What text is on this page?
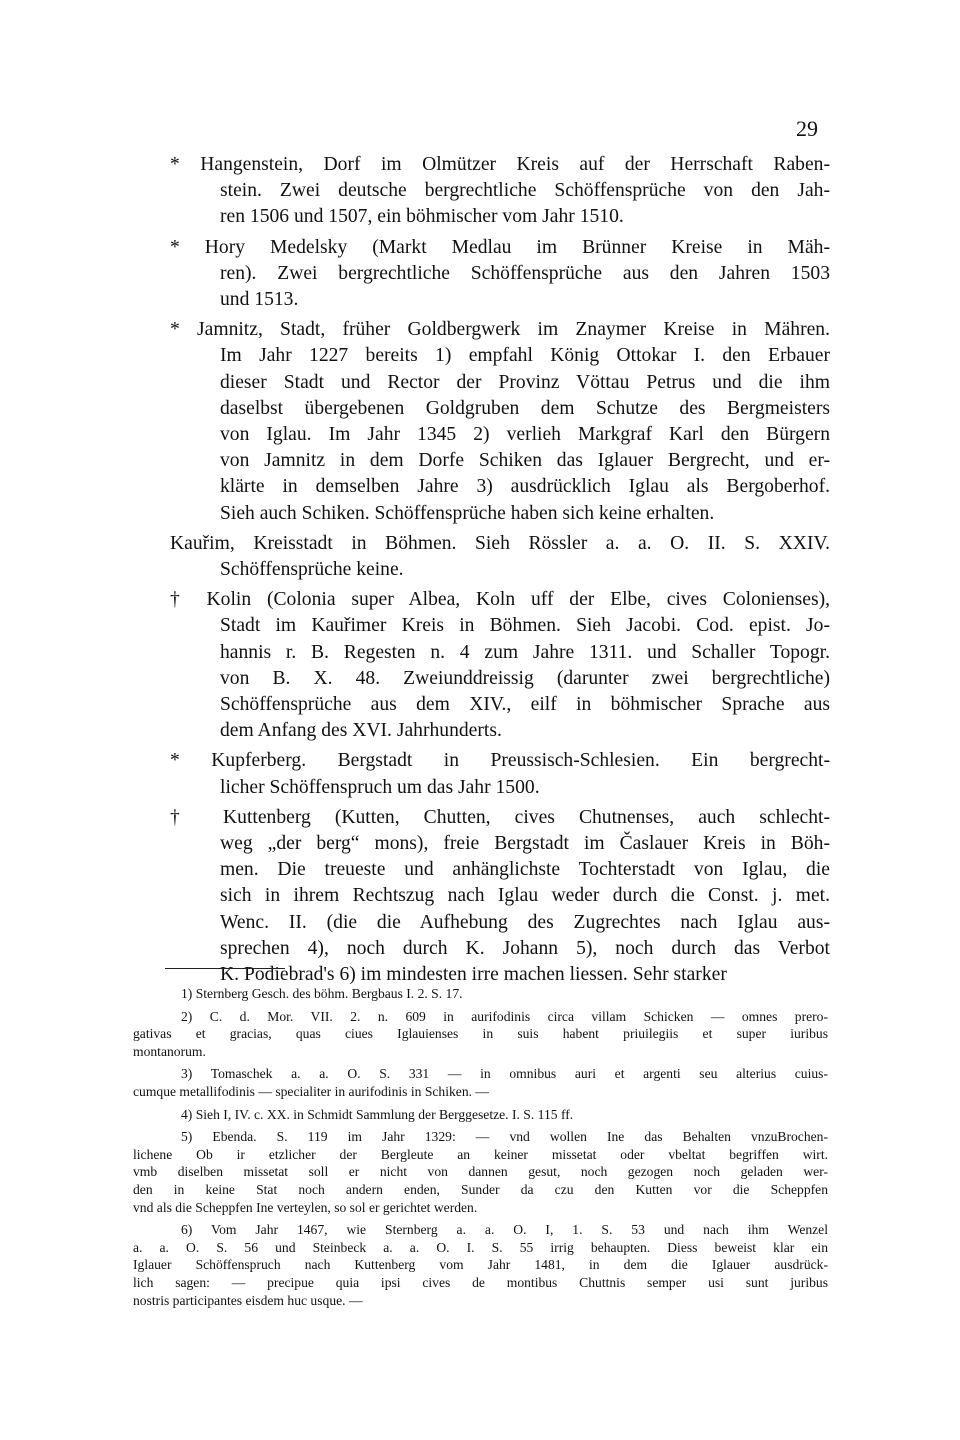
29
* Hangenstein, Dorf im Olmützer Kreis auf der Herrschaft Raben-
stein. Zwei deutsche bergrechtliche Schöffensprüche von den Jah-
ren 1506 und 1507, ein böhmischer vom Jahr 1510.
* Hory Medelsky (Markt Medlau im Brünner Kreise in Mäh-
ren). Zwei bergrechtliche Schöffensprüche aus den Jahren 1503
und 1513.
* Jamnitz, Stadt, früher Goldbergwerk im Znaymer Kreise in Mähren.
Im Jahr 1227 bereits 1) empfahl König Ottokar I. den Erbauer
dieser Stadt und Rector der Provinz Vöttau Petrus und die ihm
daselbst übergebenen Goldgruben dem Schutze des Bergmeisters
von Iglau. Im Jahr 1345 2) verlieh Markgraf Karl den Bürgern
von Jamnitz in dem Dorfe Schiken das Iglauer Bergrecht, und er-
klärte in demselben Jahre 3) ausdrücklich Iglau als Bergoberhof.
Sieh auch Schiken. Schöffensprüche haben sich keine erhalten.
Kauřim, Kreisstadt in Böhmen. Sieh Rössler a. a. O. II. S. XXIV.
Schöffensprüche keine.
† Kolin (Colonia super Albea, Koln uff der Elbe, cives Colonienses),
Stadt im Kauřimer Kreis in Böhmen. Sieh Jacobi. Cod. epist. Jo-
hannis r. B. Regesten n. 4 zum Jahre 1311. und Schaller Topogr.
von B. X. 48. Zweiunddreissig (darunter zwei bergrechtliche)
Schöffensprüche aus dem XIV., eilf in böhmischer Sprache aus
dem Anfang des XVI. Jahrhunderts.
* Kupferberg. Bergstadt in Preussisch-Schlesien. Ein bergrecht-
licher Schöffenspruch um das Jahr 1500.
† Kuttenberg (Kutten, Chutten, cives Chutnenses, auch schlecht-
weg „der berg“ mons), freie Bergstadt im Časlauer Kreis in Böh-
men. Die treueste und anhänglichste Tochterstadt von Iglau, die
sich in ihrem Rechtszug nach Iglau weder durch die Const. j. met.
Wenc. II. (die die Aufhebung des Zugrechtes nach Iglau aus-
sprechen 4), noch durch K. Johann 5), noch durch das Verbot
K. Podiebrad's 6) im mindesten irre machen liessen. Sehr starker
1) Sternberg Gesch. des böhm. Bergbaus I. 2. S. 17.
2) C. d. Mor. VII. 2. n. 609 in aurifodinis circa villam Schicken — omnes prero-
gativas et gracias, quas ciues Iglauienses in suis habent priuilegiis et super iuribus
montanorum.
3) Tomaschek a. a. O. S. 331 — in omnibus auri et argenti seu alterius cuius-
cumque metallifodinis — specialiter in aurifodinis in Schiken. —
4) Sieh I, IV. c. XX. in Schmidt Sammlung der Berggesetze. I. S. 115 ff.
5) Ebenda. S. 119 im Jahr 1329: — vnd wollen Ine das Behalten vnzuBrochen-
lichene Ob ir etzlicher der Bergleute an keiner missetat oder vbeltat begriffen wirt.
vmb diselben missetat soll er nicht von dannen gesut, noch gezogen noch geladen wer-
den in keine Stat noch andern enden, Sunder da czu den Kutten vor die Scheppfen
vnd als die Scheppfen Ine verteylen, so sol er gerichtet werden.
6) Vom Jahr 1467, wie Sternberg a. a. O. I, 1. S. 53 und nach ihm Wenzel
a. a. O. S. 56 und Steinbeck a. a. O. I. S. 55 irrig behaupten. Diess beweist klar ein
Iglauer Schöffenspruch nach Kuttenberg vom Jahr 1481, in dem die Iglauer ausdrück-
lich sagen: — precipue quia ipsi cives de montibus Chuttnis semper usi sunt juribus
nostris participantes eisdem huc usque. —
